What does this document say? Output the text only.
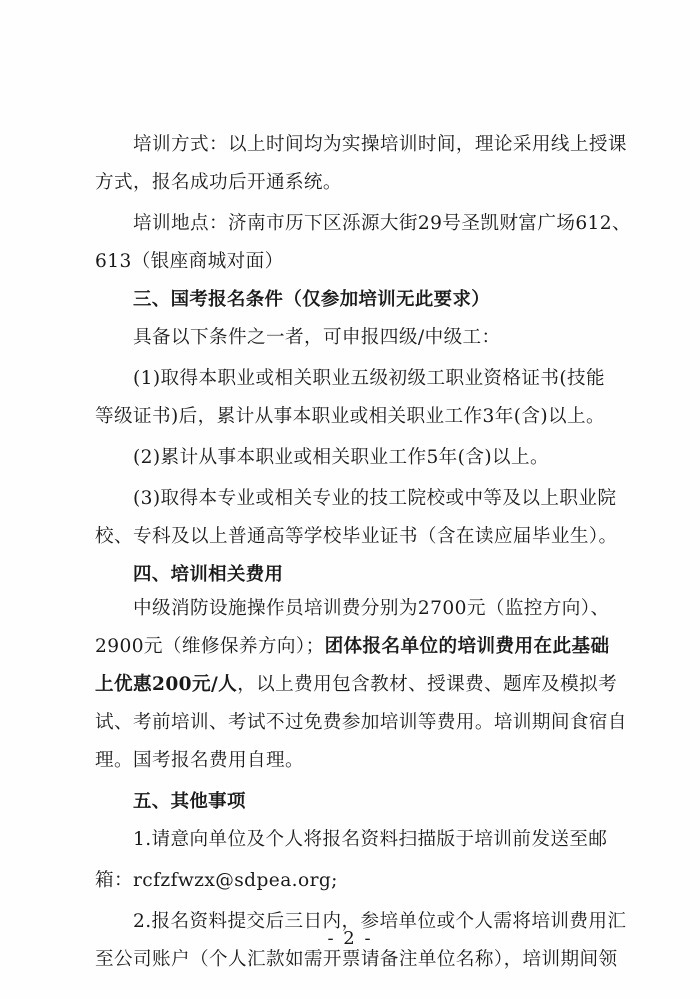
培训方式：以上时间均为实操培训时间，理论采用线上授课
方式，报名成功后开通系统。
培训地点：济南市历下区泺源大街29号圣凯财富广场612、
613（银座商城对面）
三、国考报名条件（仅参加培训无此要求）
具备以下条件之一者，可申报四级/中级工：
(1)取得本职业或相关职业五级初级工职业资格证书(技能
等级证书)后，累计从事本职业或相关职业工作3年(含)以上。
(2)累计从事本职业或相关职业工作5年(含)以上。
(3)取得本专业或相关专业的技工院校或中等及以上职业院
校、专科及以上普通高等学校毕业证书（含在读应届毕业生）。
四、培训相关费用
中级消防设施操作员培训费分别为2700元（监控方向）、
2900元（维修保养方向）；团体报名单位的培训费用在此基础
上优惠200元/人，以上费用包含教材、授课费、题库及模拟考
试、考前培训、考试不过免费参加培训等费用。培训期间食宿自
理。国考报名费用自理。
五、其他事项
1.请意向单位及个人将报名资料扫描版于培训前发送至邮
箱：rcfzfwzx@sdpea.org;
2.报名资料提交后三日内，参培单位或个人需将培训费用汇
至公司账户（个人汇款如需开票请备注单位名称），培训期间领
- 2 -
